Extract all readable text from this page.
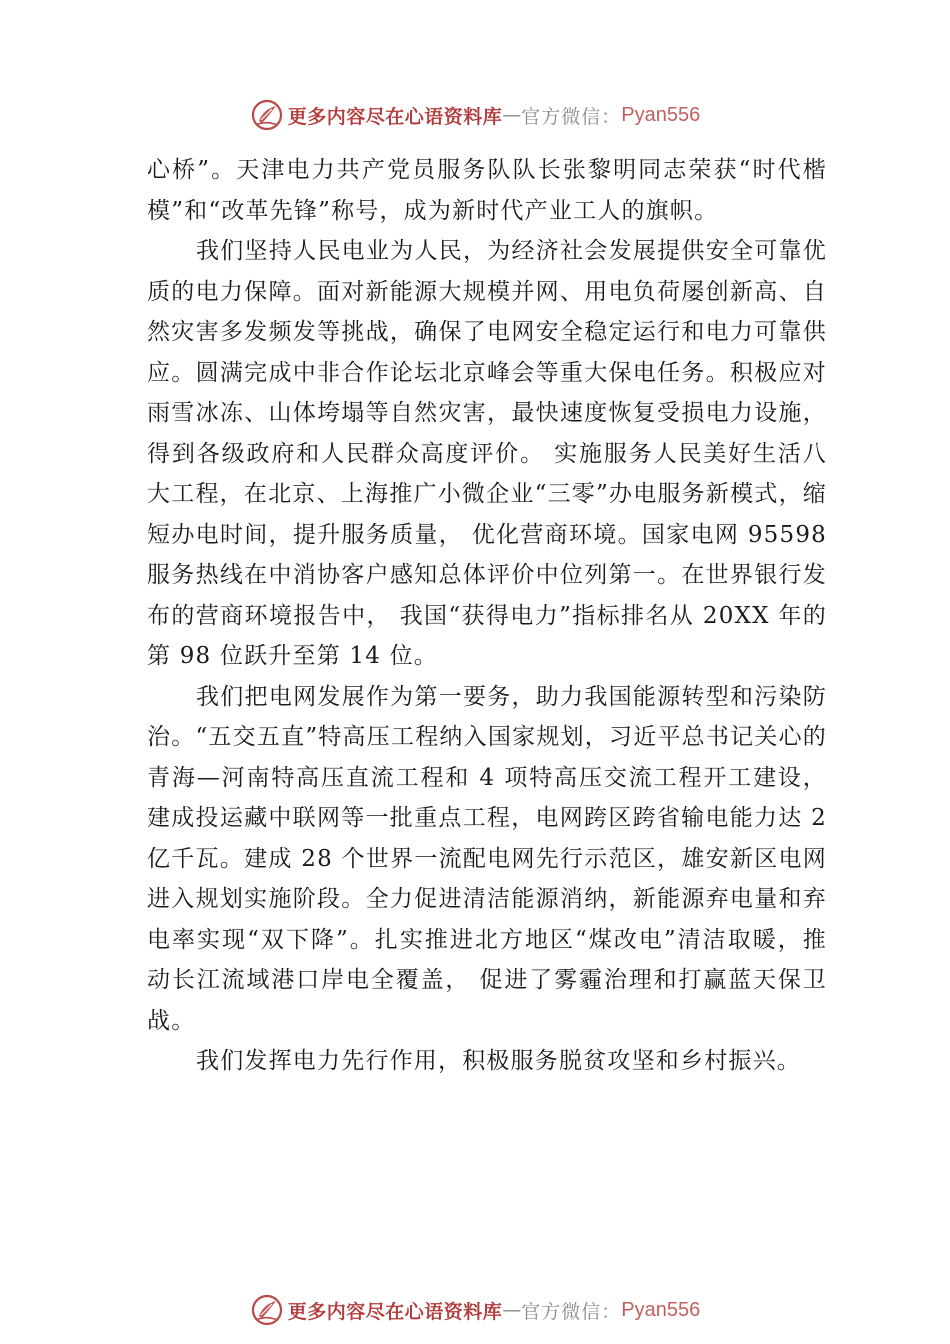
更多内容尽在心语资料库 — 官方微信： Pyan556

心桥”。天津电力共产党员服务队队长张黎明同志荣获“时代楷模”和“改革先锋”称号，成为新时代产业工人的旗帜。

我们坚持人民电业为人民，为经济社会发展提供安全可靠优质的电力保障。面对新能源大规模并网、用电负荷屡创新高、自然灾害多发频发等挑战，确保了电网安全稳定运行和电力可靠供应。圆满完成中非合作论坛北京峰会等重大保电任务。积极应对雨雪冰冻、山体垮塌等自然灾害，最快速度恢复受损电力设施，得到各级政府和人民群众高度评价。 实施服务人民美好生活八大工程，在北京、上海推广小微企业“三零”办电服务新模式，缩短办电时间，提升服务质量， 优化营商环境。国家电网 95598 服务热线在中消协客户感知总体评价中位列第一。在世界银行发布的营商环境报告中， 我国“获得电力”指标排名从 20XX 年的第 98 位跃升至第 14 位。

我们把电网发展作为第一要务，助力我国能源转型和污染防治。“五交五直”特高压工程纳入国家规划，习近平总书记关心的青海—河南特高压直流工程和 4 项特高压交流工程开工建设，建成投运藏中联网等一批重点工程，电网跨区跨省输电能力达 2 亿千瓦。建成 28 个世界一流配电网先行示范区，雄安新区电网进入规划实施阶段。全力促进清洁能源消纳，新能源弃电量和弃电率实现“双下降”。扎实推进北方地区“煤改电”清洁取暖，推动长江流域港口岸电全覆盖， 促进了雾霾治理和打赢蓝天保卫战。

我们发挥电力先行作用，积极服务脱贫攻坚和乡村振兴。

更多内容尽在心语资料库 — 官方微信： Pyan556
